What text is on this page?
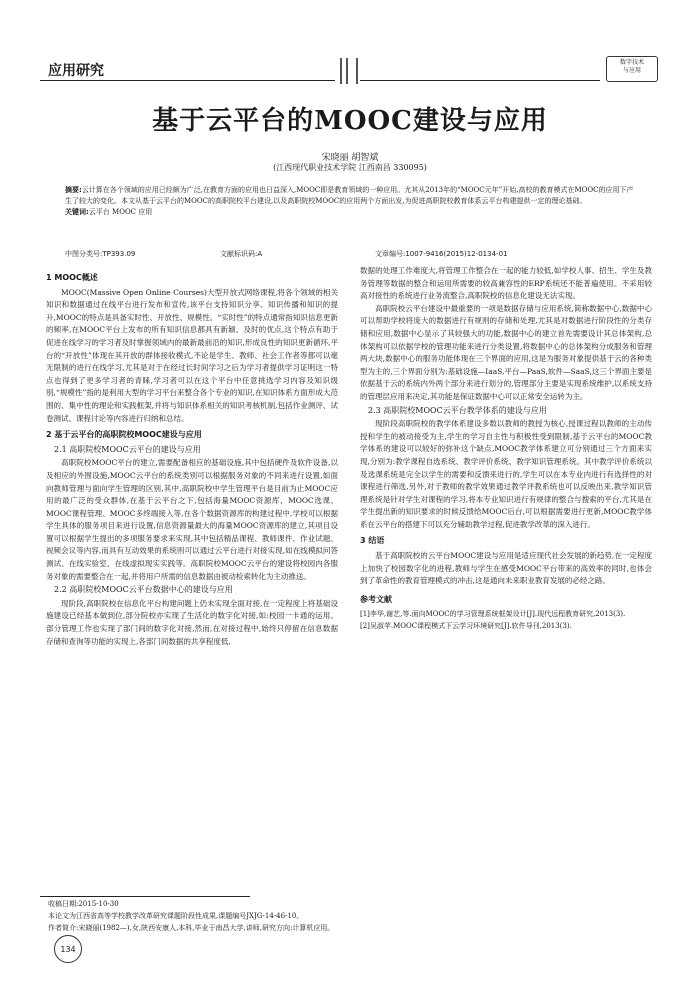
应用研究
数字技术
与应用
基于云平台的MOOC建设与应用
宋晓丽 胡智斌
(江西现代职业技术学院 江西南昌 330095)
摘要:云计算在各个领域的应用已经颇为广泛,在教育方面的应用也日益深入,MOOC即是教育领域的一种应用。尤其从2013年的“MOOC元年”开始,高校的教育模式在MOOC的应用下产生了较大的变化。本文从基于云平台的MOOC的高职院校平台建设,以及高职院校MOOC的应用两个方面出发,为促进高职院校教育体系云平台构建提供一定的理论基础。
关键词:云平台 MOOC 应用
中图分类号:TP393.09	文献标识码:A	文章编号:1007-9416(2015)12-0134-01
1 MOOC概述

MOOC(Massive Open Online Courses)大型开放式网络课程,将各个领域的相关知识和数据通过在线平台进行发布和宣传,该平台支持知识分享、知识传播和知识的提升,MOOC的特点是具备实时性、开放性、规模性。“实时性”的特点通常指知识信息更新的频率,在MOOC平台上发布的所有知识信息都具有新颖、及时的优点,这个特点有助于促进在线学习的学习者及时掌握领域内的最新最前沿的知识,形成良性的知识更新循环,平台的“开放性”体现在其开放的群体接收模式,不论是学生、教师、社会工作者等都可以毫无限制的进行在线学习,尤其是对于在经过长时间学习之后为学习者提供学习证明这一特点也得到了更多学习者的青睐,学习者可以在这个平台中任意挑选学习内容及知识级别,“规模性”指的是利用大型的学习平台来整合各个专业的知识,在知识体系方面形成大范围的、集中性的理论和实践框架,并将与知识体系相关的知识考核机制,包括作业测评、试卷测试、课程讨论等内容进行归纳和总结。

2 基于云平台的高职院校MOOC建设与应用
2.1 高职院校MOOC云平台的建设与应用

高职院校MOOC平台的建立,需要配备相应的基础设施,其中包括硬件及软件设备,以及相应的外围设施,MOOC云平台的系统类别可以根据服务对象的不同来进行设置,如面向教师管理与面向学生管理的区别,其中,高职院校中学生管理平台是目前为止MOOC应用的最广泛的受众群体,在基于云平台之下,包括海量MOOC资源库、MOOC选课、MOOC课程管理、MOOC多终端接入等,在各个数据资源库的构建过程中,学校可以根据学生具体的服务项目来进行设置,信息资源量最大的海量MOOC资源库的建立,其项目设置可以根据学生提出的多项服务要求来实现,其中包括精品课程、教师课件、作业试题、视频会议等内容,而具有互动效果的系统则可以通过云平台进行对接实现,如在线模拟问答测试、在线实验室、在线虚拟现实实践等。高职院校MOOC云平台的建设将校园内各服务对象的需要整合在一起,并将用户所需的信息数据由被动检索转化为主动推送。

2.2 高职院校MOOC云平台数据中心的建设与应用

现阶段,高职院校在信息化平台构建问题上仍未实现全面对接,在一定程度上将基础设施建设已经基本做到位,部分院校亦实现了生活化的数字化对接,如:校园一卡通的运用。部分管理工作也实现了部门间的数字化对接,然而,在对接过程中,始终只停留在信息数据存储和查询等功能的实现上,各部门间数据的共享程度低,

数据的处理工作难度大,将管理工作整合在一起的能力较低,如学校人事、招生、学生及教务管理等数据的整合和运用所需要的较高兼容性的ERP系统还不能普遍使用。不采用较高对接性的系统进行业务流整合,高职院校的信息化建设无法实现。

高职院校云平台建设中最重要的一项是数据存储与应用系统,简称数据中心,数据中心可以帮助学校将庞大的数据进行有规则的存储和处理,尤其是对数据进行阶段性的分类存储和应用,数据中心显示了其较强大的功能,数据中心的建立首先需要设计其总体架构,总体架构可以依据学校的管理功能来进行分类设置,将数据中心的总体架构分成服务和管理两大块,数据中心的服务功能体现在三个界面的应用,这是为服务对象提供基于云的各种类型为主的,三个界面分别为:基础设施—IaaS,平台—PaaS,软件—SaaS,这三个界面主要是依据基于云的系统内外两个部分来进行划分的,管理部分主要是实现系统维护,以系统支持的管理层应用来决定,其功能是保证数据中心可以正常安全运转为主。

2.3 高职院校MOOC云平台教学体系的建设与应用

现阶段高职院校的教学体系建设多数以教师的教授为核心,授课过程以教师的主动传授和学生的被动接受为主,学生的学习自主性与积极性受到限制,基于云平台的MOOC教学体系的建设可以较好的弥补这个缺点,MOOC教学体系建立可分别通过三个方面来实现,分别为:教学课程自选系统、教学评价系统、教学知识管理系统。其中教学评价系统以及选课系统是完全以学生的需要和反馈来进行的,学生可以在本专业内进行有选择性的对课程进行筛选,另外,对于教师的教学效果通过教学评教系统也可以反映出来,教学知识管理系统是针对学生对课程的学习,将本专业知识进行有规律的整合与搜索的平台,尤其是在学生提出新的知识要求的时候反馈给MOOC后台,可以根据需要进行更新,MOOC教学体系在云平台的搭建下可以充分辅助教学过程,促进教学改革的深入进行。

3 结语

基于高职院校的云平台MOOC建设与应用是适应现代社会发展的新趋势,在一定程度上加快了校园数字化的进程,教师与学生在感受MOOC平台带来的高效率的同时,也体会到了革命性的教育管理模式的冲击,这是通向未来职业教育发展的必经之路。

参考文献
[1]李华,谢艺,等.面向MOOC的学习管理系统框架设计[J].现代远程教育研究,2013(3).
[2]吴淑苹.MOOC课程模式下云学习环境研究[J].软件导刊,2013(3).
收稿日期:2015-10-30
本论文为江西省高等学校教学改革研究课题阶段性成果,课题编号JXJG-14-46-10。
作者简介:宋晓丽(1982—),女,陕西安康人,本科,毕业于南昌大学,讲师,研究方向:计算机应用。
134
